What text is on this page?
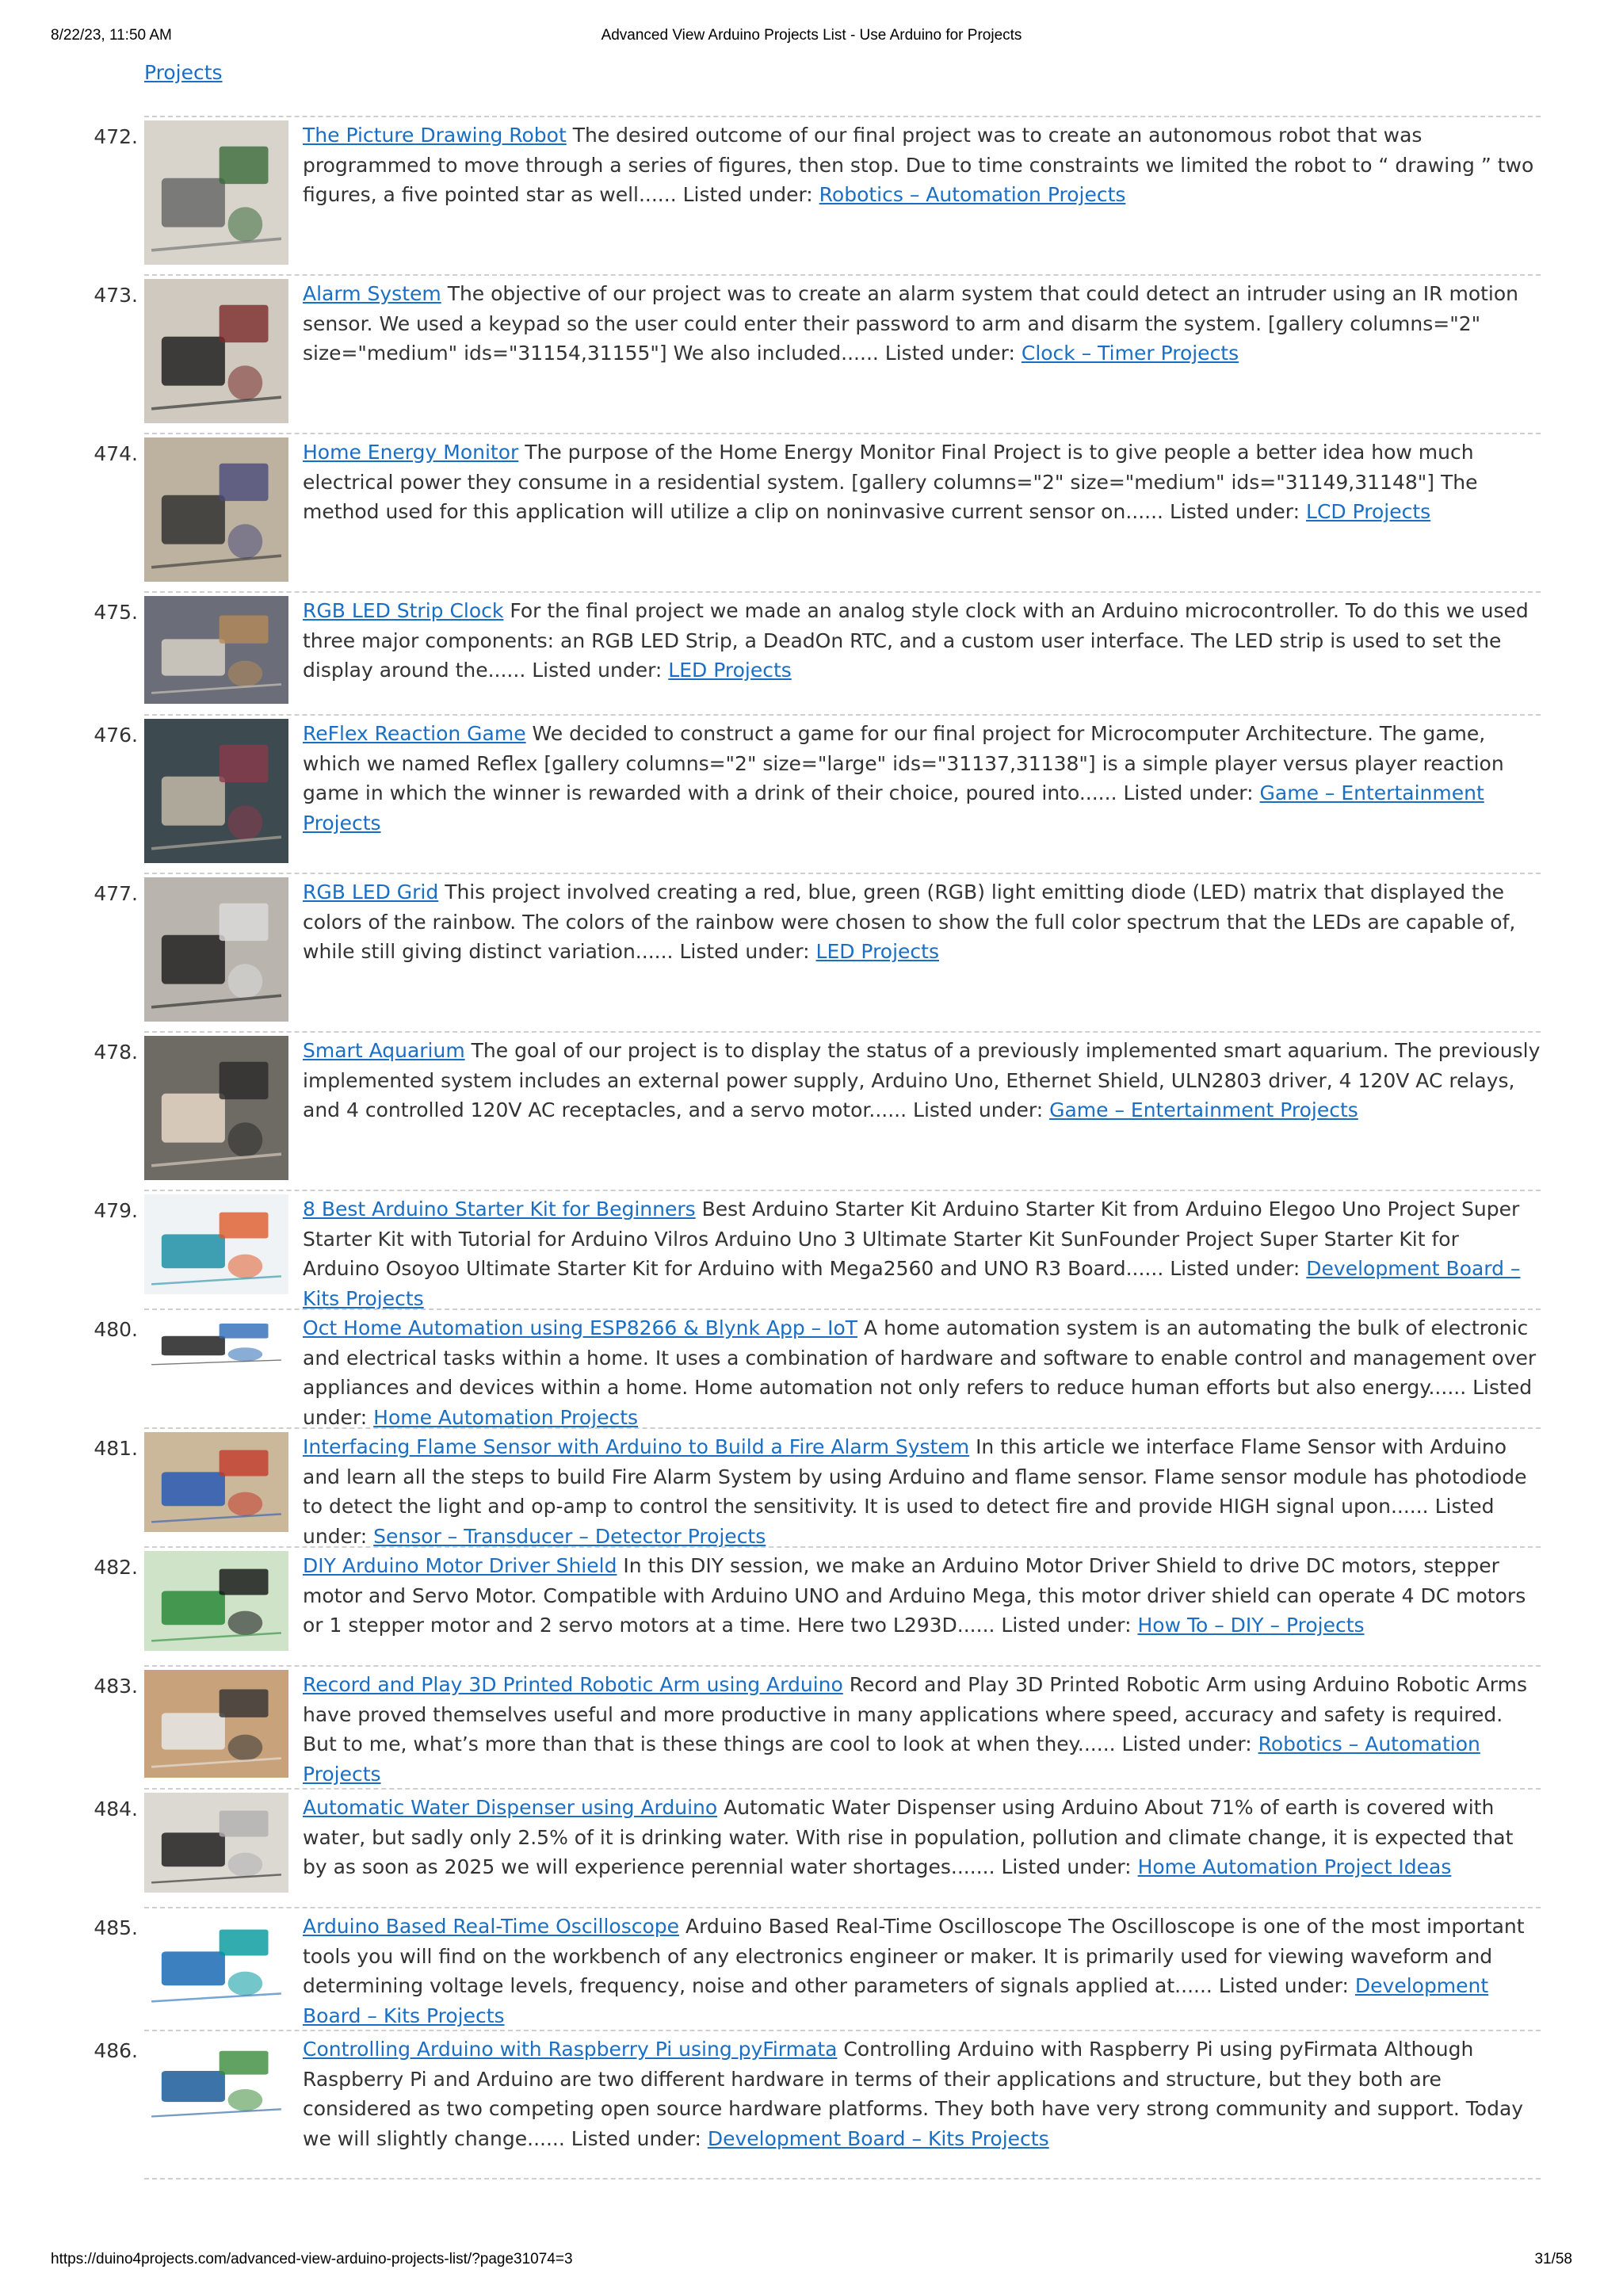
8/22/23, 11:50 AM	Advanced View Arduino Projects List - Use Arduino for Projects
Projects
472.	The Picture Drawing Robot The desired outcome of our final project was to create an autonomous robot that was programmed to move through a series of figures, then stop. Due to time constraints we limited the robot to “ drawing ” two figures, a five pointed star as well...... Listed under: Robotics – Automation Projects
473.	Alarm System The objective of our project was to create an alarm system that could detect an intruder using an IR motion sensor. We used a keypad so the user could enter their password to arm and disarm the system. [gallery columns="2" size="medium" ids="31154,31155"] We also included...... Listed under: Clock – Timer Projects
474.	Home Energy Monitor The purpose of the Home Energy Monitor Final Project is to give people a better idea how much electrical power they consume in a residential system. [gallery columns="2" size="medium" ids="31149,31148"] The method used for this application will utilize a clip on noninvasive current sensor on...... Listed under: LCD Projects
475.	RGB LED Strip Clock For the final project we made an analog style clock with an Arduino microcontroller. To do this we used three major components: an RGB LED Strip, a DeadOn RTC, and a custom user interface. The LED strip is used to set the display around the...... Listed under: LED Projects
476.	ReFlex Reaction Game We decided to construct a game for our final project for Microcomputer Architecture. The game, which we named Reflex [gallery columns="2" size="large" ids="31137,31138"] is a simple player versus player reaction game in which the winner is rewarded with a drink of their choice, poured into...... Listed under: Game – Entertainment Projects
477.	RGB LED Grid This project involved creating a red, blue, green (RGB) light emitting diode (LED) matrix that displayed the colors of the rainbow. The colors of the rainbow were chosen to show the full color spectrum that the LEDs are capable of, while still giving distinct variation...... Listed under: LED Projects
478.	Smart Aquarium The goal of our project is to display the status of a previously implemented smart aquarium. The previously implemented system includes an external power supply, Arduino Uno, Ethernet Shield, ULN2803 driver, 4 120V AC relays, and 4 controlled 120V AC receptacles, and a servo motor...... Listed under: Game – Entertainment Projects
479.	8 Best Arduino Starter Kit for Beginners Best Arduino Starter Kit Arduino Starter Kit from Arduino Elegoo Uno Project Super Starter Kit with Tutorial for Arduino Vilros Arduino Uno 3 Ultimate Starter Kit SunFounder Project Super Starter Kit for Arduino Osoyoo Ultimate Starter Kit for Arduino with Mega2560 and UNO R3 Board...... Listed under: Development Board – Kits Projects
480.	Oct Home Automation using ESP8266 & Blynk App – IoT A home automation system is an automating the bulk of electronic and electrical tasks within a home. It uses a combination of hardware and software to enable control and management over appliances and devices within a home. Home automation not only refers to reduce human efforts but also energy...... Listed under: Home Automation Projects
481.	Interfacing Flame Sensor with Arduino to Build a Fire Alarm System In this article we interface Flame Sensor with Arduino and learn all the steps to build Fire Alarm System by using Arduino and flame sensor. Flame sensor module has photodiode to detect the light and op-amp to control the sensitivity. It is used to detect fire and provide HIGH signal upon...... Listed under: Sensor – Transducer – Detector Projects
482.	DIY Arduino Motor Driver Shield In this DIY session, we make an Arduino Motor Driver Shield to drive DC motors, stepper motor and Servo Motor. Compatible with Arduino UNO and Arduino Mega, this motor driver shield can operate 4 DC motors or 1 stepper motor and 2 servo motors at a time. Here two L293D...... Listed under: How To – DIY – Projects
483.	Record and Play 3D Printed Robotic Arm using Arduino Record and Play 3D Printed Robotic Arm using Arduino Robotic Arms have proved themselves useful and more productive in many applications where speed, accuracy and safety is required. But to me, what’s more than that is these things are cool to look at when they...... Listed under: Robotics – Automation Projects
484.	Automatic Water Dispenser using Arduino Automatic Water Dispenser using Arduino About 71% of earth is covered with water, but sadly only 2.5% of it is drinking water. With rise in population, pollution and climate change, it is expected that by as soon as 2025 we will experience perennial water shortages....... Listed under: Home Automation Project Ideas
485.	Arduino Based Real-Time Oscilloscope Arduino Based Real-Time Oscilloscope The Oscilloscope is one of the most important tools you will find on the workbench of any electronics engineer or maker. It is primarily used for viewing waveform and determining voltage levels, frequency, noise and other parameters of signals applied at...... Listed under: Development Board – Kits Projects
486.	Controlling Arduino with Raspberry Pi using pyFirmata Controlling Arduino with Raspberry Pi using pyFirmata Although Raspberry Pi and Arduino are two different hardware in terms of their applications and structure, but they both are considered as two competing open source hardware platforms. They both have very strong community and support. Today we will slightly change...... Listed under: Development Board – Kits Projects
https://duino4projects.com/advanced-view-arduino-projects-list/?page31074=3	31/58
